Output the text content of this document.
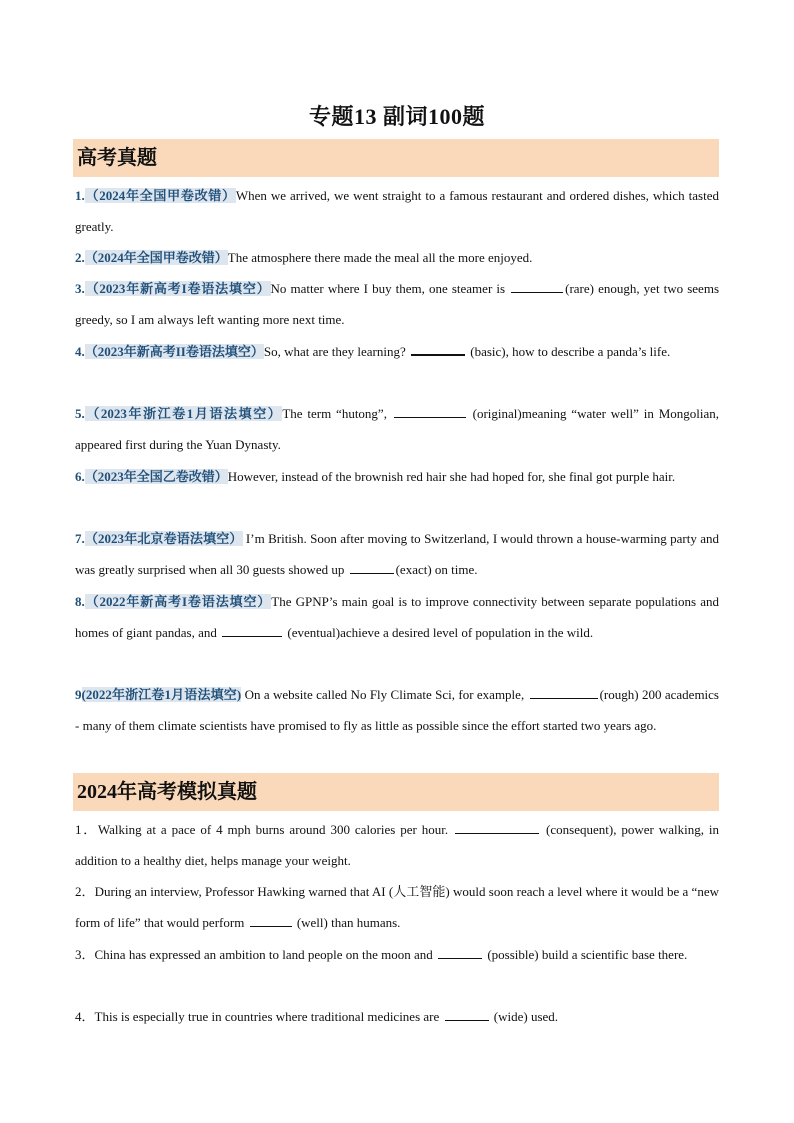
专题13 副词100题
高考真题
1.（2024年全国甲卷改错）When we arrived, we went straight to a famous restaurant and ordered dishes, which tasted greatly.
2.（2024年全国甲卷改错）The atmosphere there made the meal all the more enjoyed.
3.（2023年新高考I卷语法填空）No matter where I buy them, one steamer is	(rare) enough, yet two seems greedy, so I am always left wanting more next time.
4.（2023年新高考II卷语法填空）So, what are they learning?	(basic), how to describe a panda’s life.
5.（2023年浙江卷1月语法填空）The term “hutong”,	(original)meaning “water well” in Mongolian, appeared first during the Yuan Dynasty.
6.（2023年全国乙卷改错）However, instead of the brownish red hair she had hoped for, she final got purple hair.
7.（2023年北京卷语法填空） I’m British. Soon after moving to Switzerland, I would thrown a house-warming party and was greatly surprised when all 30 guests showed up	(exact) on time.
8.（2022年新高考I卷语法填空）The GPNP’s main goal is to improve connectivity between separate populations and homes of giant pandas, and	(eventual)achieve a desired level of population in the wild.
9(2022年浙江卷1月语法填空) On a website called No Fly Climate Sci, for example,	(rough) 200 academics - many of them climate scientists have promised to fly as little as possible since the effort started two years ago.
2024年高考模拟真题
1．Walking at a pace of 4 mph burns around 300 calories per hour.	(consequent), power walking, in addition to a healthy diet, helps manage your weight.
2．During an interview, Professor Hawking warned that AI (人工智能) would soon reach a level where it would be a “new form of life” that would perform	(well) than humans.
3．China has expressed an ambition to land people on the moon and	(possible) build a scientific base there.
4．This is especially true in countries where traditional medicines are	(wide) used.
